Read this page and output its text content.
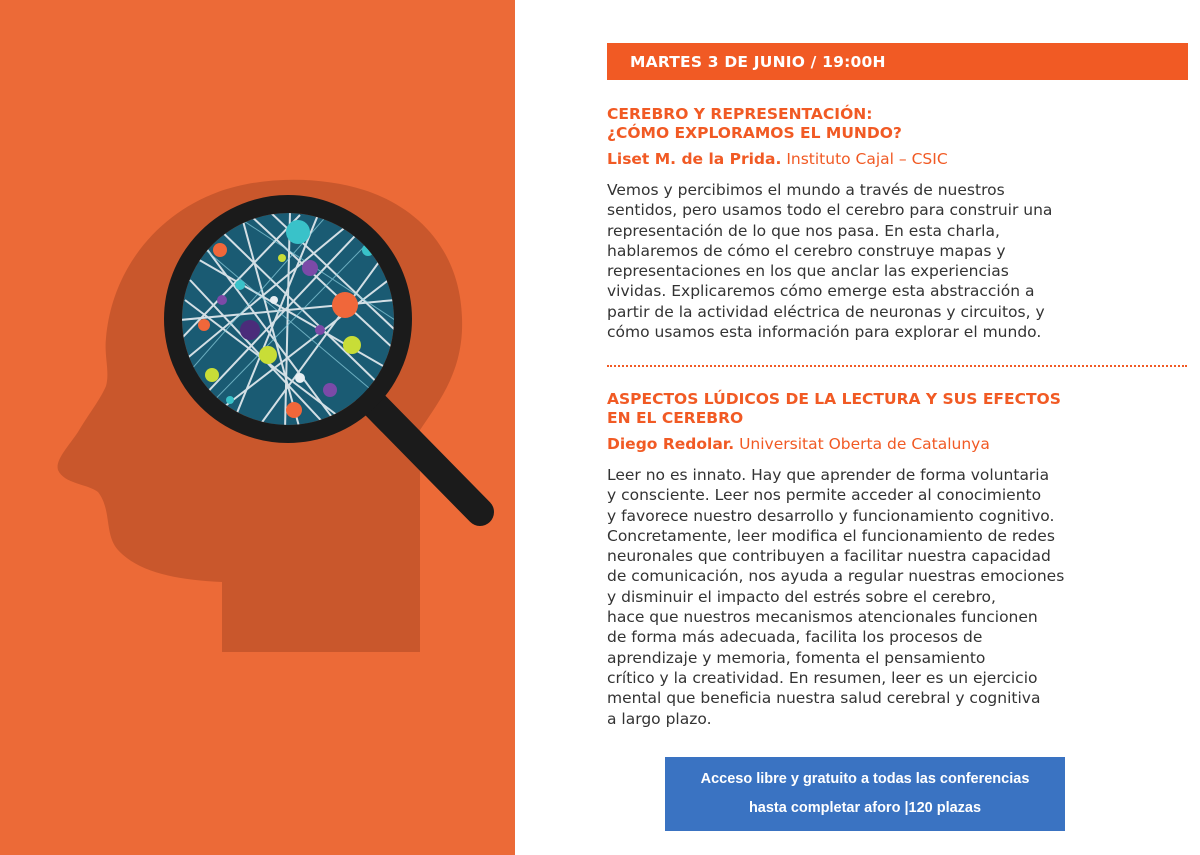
MARTES 3 DE JUNIO / 19:00H
CEREBRO Y REPRESENTACIÓN:
¿CÓMO EXPLORAMOS EL MUNDO?
Liset M. de la Prida. Instituto Cajal – CSIC
Vemos y percibimos el mundo a través de nuestros
sentidos, pero usamos todo el cerebro para construir una
representación de lo que nos pasa. En esta charla,
hablaremos de cómo el cerebro construye mapas y
representaciones en los que anclar las experiencias
vividas. Explicaremos cómo emerge esta abstracción a
partir de la actividad eléctrica de neuronas y circuitos, y
cómo usamos esta información para explorar el mundo.
ASPECTOS LÚDICOS DE LA LECTURA Y SUS EFECTOS
EN EL CEREBRO
Diego Redolar. Universitat Oberta de Catalunya
Leer no es innato. Hay que aprender de forma voluntaria
y consciente. Leer nos permite acceder al conocimiento
y favorece nuestro desarrollo y funcionamiento cognitivo.
Concretamente, leer modifica el funcionamiento de redes
neuronales que contribuyen a facilitar nuestra capacidad
de comunicación, nos ayuda a regular nuestras emociones
y disminuir el impacto del estrés sobre el cerebro,
hace que nuestros mecanismos atencionales funcionen
de forma más adecuada, facilita los procesos de
aprendizaje y memoria, fomenta el pensamiento
crítico y la creatividad. En resumen, leer es un ejercicio
mental que beneficia nuestra salud cerebral y cognitiva
a largo plazo.
Acceso libre y gratuito a todas las conferencias
hasta completar aforo |120 plazas
